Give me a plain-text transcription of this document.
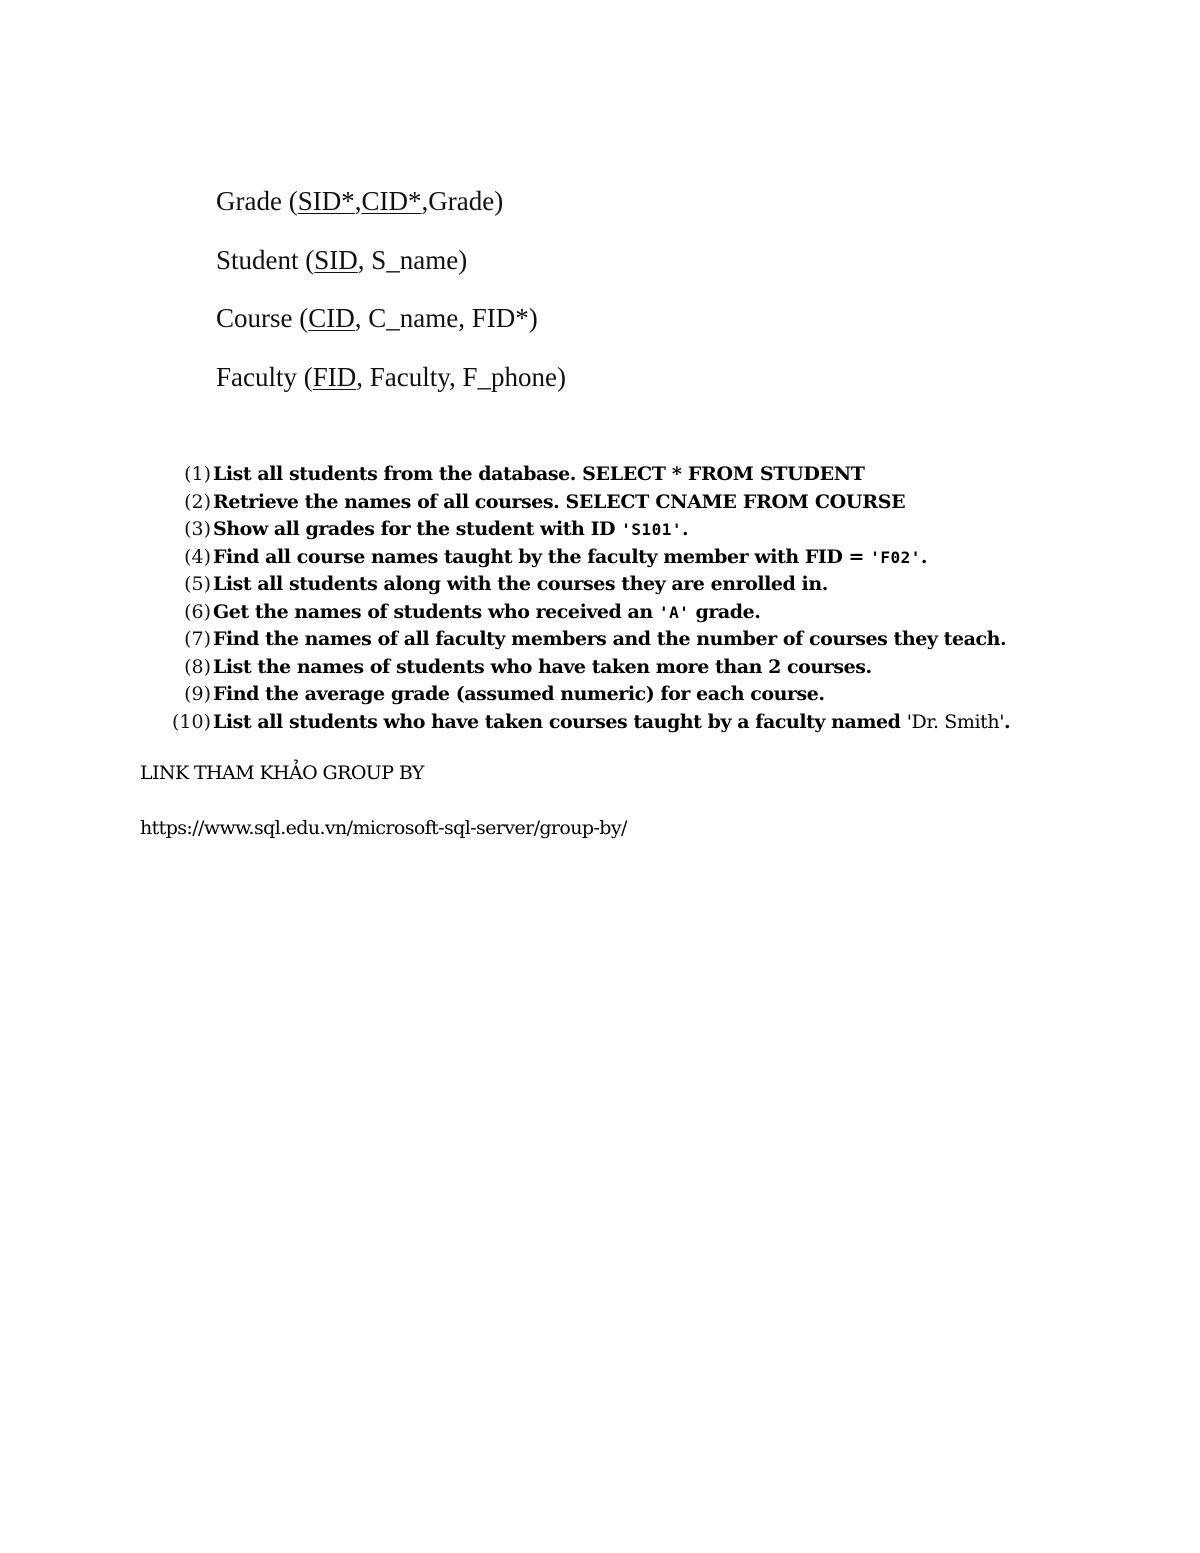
Grade (SID*,CID*,Grade)
Student (SID, S_name)
Course (CID, C_name, FID*)
Faculty (FID, Faculty, F_phone)
(1) List all students from the database. SELECT * FROM STUDENT
(2) Retrieve the names of all courses. SELECT CNAME FROM COURSE
(3) Show all grades for the student with ID 'S101'.
(4) Find all course names taught by the faculty member with FID = 'F02'.
(5) List all students along with the courses they are enrolled in.
(6) Get the names of students who received an 'A' grade.
(7) Find the names of all faculty members and the number of courses they teach.
(8) List the names of students who have taken more than 2 courses.
(9) Find the average grade (assumed numeric) for each course.
(10) List all students who have taken courses taught by a faculty named 'Dr. Smith'.
LINK THAM KHẢO GROUP BY
https://www.sql.edu.vn/microsoft-sql-server/group-by/
